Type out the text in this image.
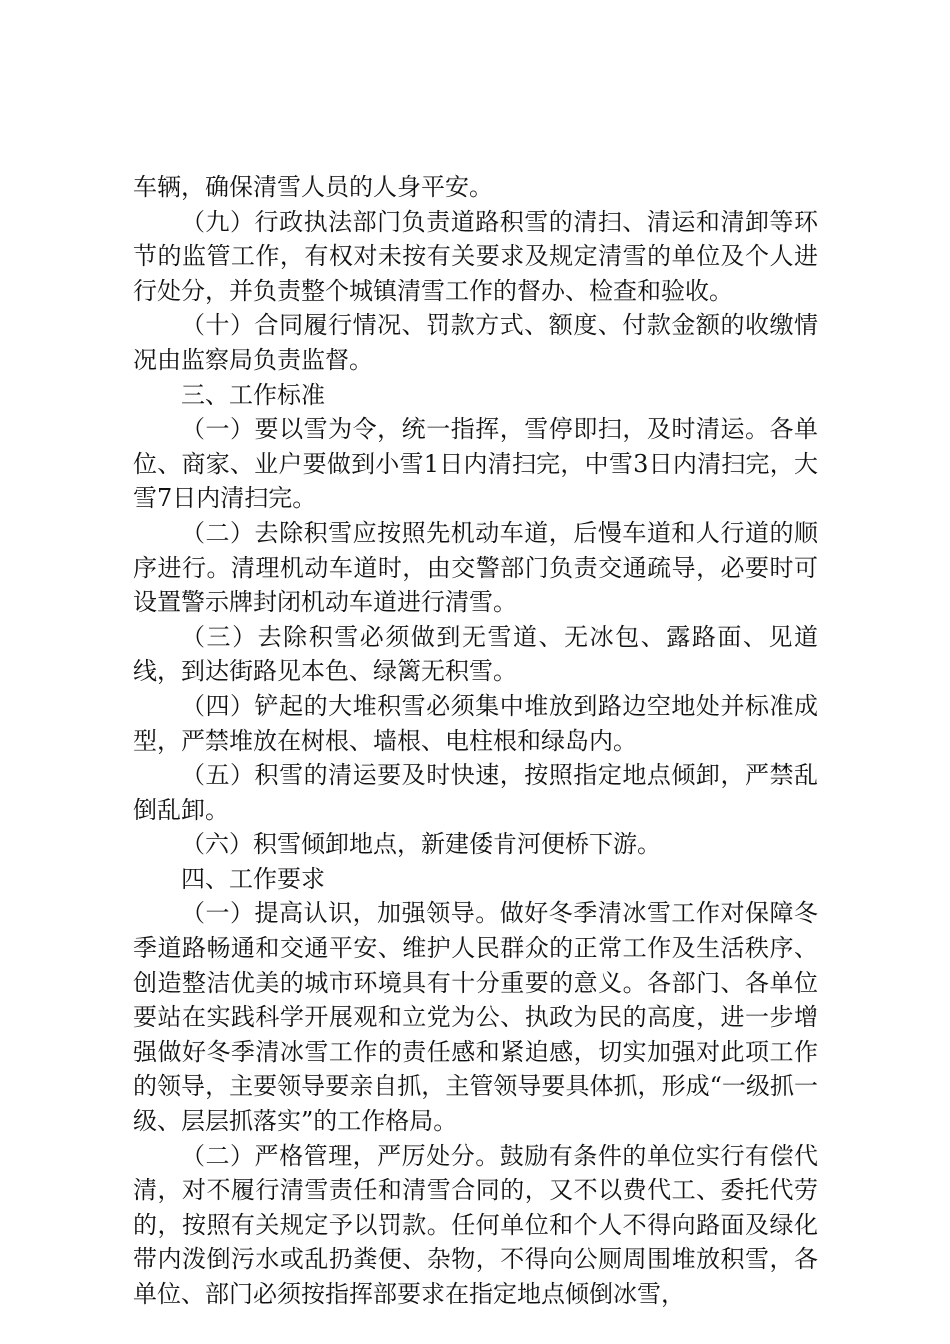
车辆，确保清雪人员的人身平安。

（九）行政执法部门负责道路积雪的清扫、清运和清卸等环节的监管工作，有权对未按有关要求及规定清雪的单位及个人进行处分，并负责整个城镇清雪工作的督办、检查和验收。

（十）合同履行情况、罚款方式、额度、付款金额的收缴情况由监察局负责监督。

三、工作标准

（一）要以雪为令，统一指挥，雪停即扫，及时清运。各单位、商家、业户要做到小雪1日内清扫完，中雪3日内清扫完，大雪7日内清扫完。

（二）去除积雪应按照先机动车道，后慢车道和人行道的顺序进行。清理机动车道时，由交警部门负责交通疏导，必要时可设置警示牌封闭机动车道进行清雪。

（三）去除积雪必须做到无雪道、无冰包、露路面、见道线，到达街路见本色、绿篱无积雪。

（四）铲起的大堆积雪必须集中堆放到路边空地处并标准成型，严禁堆放在树根、墙根、电柱根和绿岛内。

（五）积雪的清运要及时快速，按照指定地点倾卸，严禁乱倒乱卸。

（六）积雪倾卸地点，新建倭肯河便桥下游。

四、工作要求

（一）提高认识，加强领导。做好冬季清冰雪工作对保障冬季道路畅通和交通平安、维护人民群众的正常工作及生活秩序、创造整洁优美的城市环境具有十分重要的意义。各部门、各单位要站在实践科学开展观和立党为公、执政为民的高度，进一步增强做好冬季清冰雪工作的责任感和紧迫感，切实加强对此项工作的领导，主要领导要亲自抓，主管领导要具体抓，形成“一级抓一级、层层抓落实”的工作格局。

（二）严格管理，严厉处分。鼓励有条件的单位实行有偿代清，对不履行清雪责任和清雪合同的，又不以费代工、委托代劳的，按照有关规定予以罚款。任何单位和个人不得向路面及绿化带内泼倒污水或乱扔粪便、杂物，不得向公厕周围堆放积雪，各单位、部门必须按指挥部要求在指定地点倾倒冰雪，
